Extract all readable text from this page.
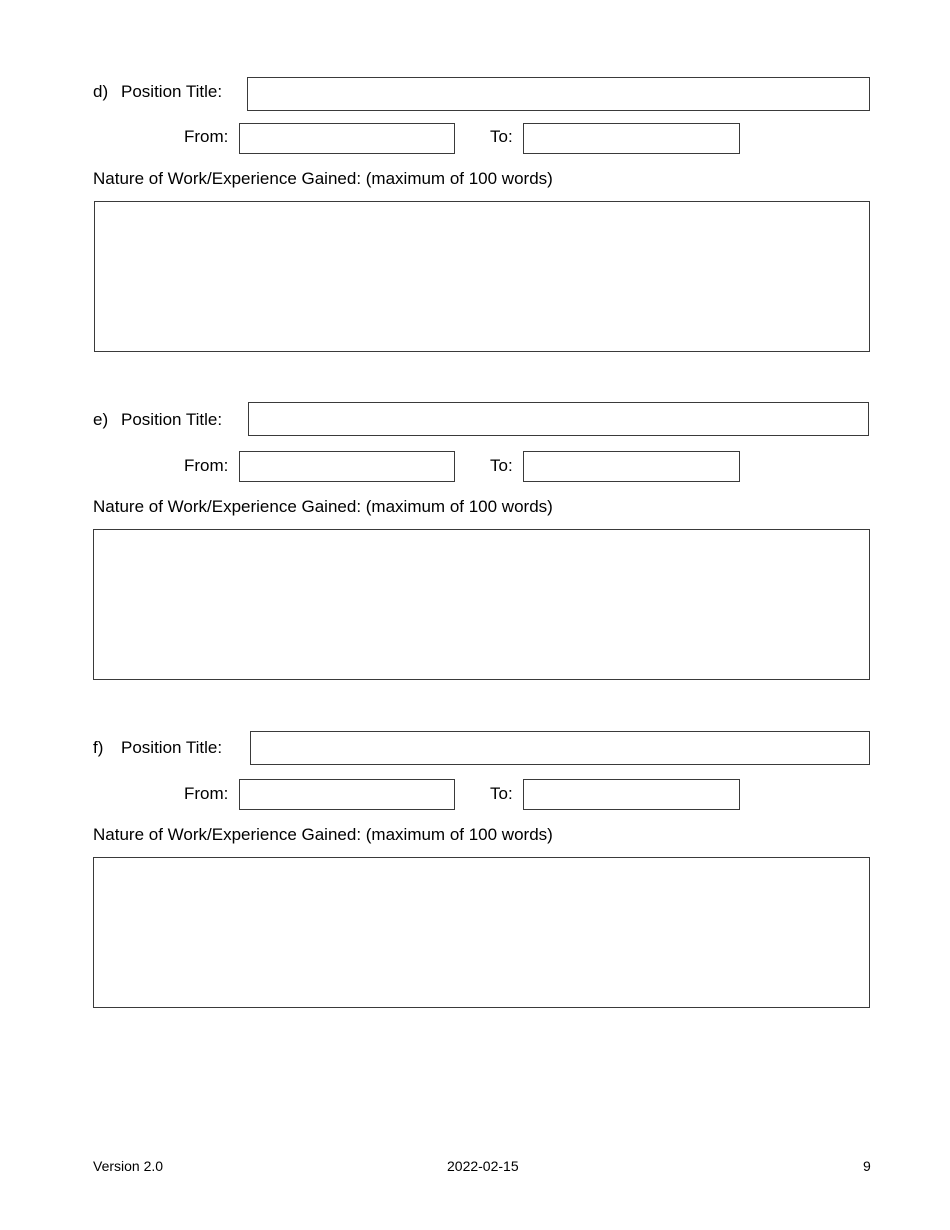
d) Position Title:
From:	To:
Nature of Work/Experience Gained: (maximum of 100 words)
e) Position Title:
From:	To:
Nature of Work/Experience Gained: (maximum of 100 words)
f) Position Title:
From:	To:
Nature of Work/Experience Gained: (maximum of 100 words)
Version 2.0	2022-02-15	9
